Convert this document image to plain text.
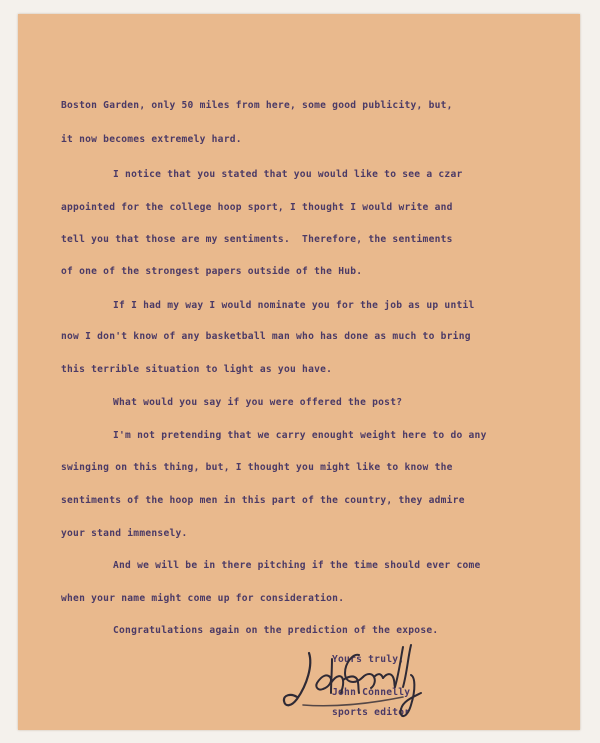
Boston Garden, only 50 miles from here, some good publicity, but,
it now becomes extremely hard.
I notice that you stated that you would like to see a czar
appointed for the college hoop sport, I thought I would write and
tell you that those are my sentiments.  Therefore, the sentiments
of one of the strongest papers outside of the Hub.
If I had my way I would nominate you for the job as up until
now I don't know of any basketball man who has done as much to bring
this terrible situation to light as you have.
What would you say if you were offered the post?
I'm not pretending that we carry enought weight here to do any
swinging on this thing, but, I thought you might like to know the
sentiments of the hoop men in this part of the country, they admire
your stand immensely.
And we will be in there pitching if the time should ever come
when your name might come up for consideration.
Congratulations again on the prediction of the expose.
Yours truly,
John Connelly
sports editor
